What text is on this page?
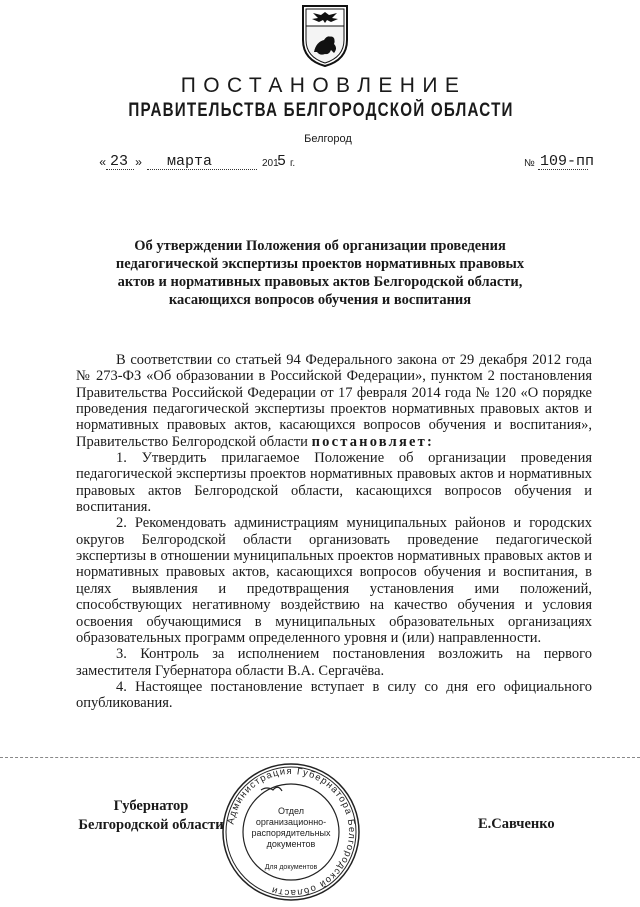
ПОСТАНОВЛЕНИЕ
ПРАВИТЕЛЬСТВА БЕЛГОРОДСКОЙ ОБЛАСТИ
Белгород
« 23 » марта	201
5 г.	№ 109-пп
Об утверждении Положения об организации проведения
педагогической экспертизы проектов нормативных правовых
актов и нормативных правовых актов Белгородской области,
касающихся вопросов обучения и воспитания

В соответствии со статьей 94 Федерального закона от 29 декабря 2012 года № 273-ФЗ «Об образовании в Российской Федерации», пунктом 2 постановления Правительства Российской Федерации от 17 февраля 2014 года № 120 «О порядке проведения педагогической экспертизы проектов нормативных правовых актов и нормативных правовых актов, касающихся вопросов обучения и воспитания», Правительство Белгородской области постановляет:

1. Утвердить прилагаемое Положение об организации проведения педагогической экспертизы проектов нормативных правовых актов и нормативных правовых актов Белгородской области, касающихся вопросов обучения и воспитания.

2. Рекомендовать администрациям муниципальных районов и городских округов Белгородской области организовать проведение педагогической экспертизы в отношении муниципальных проектов нормативных правовых актов и нормативных правовых актов, касающихся вопросов обучения и воспитания, в целях выявления и предотвращения установления ими положений, способствующих негативному воздействию на качество обучения и условия освоения обучающимися в муниципальных образовательных организациях образовательных программ определенного уровня и (или) направленности.

3. Контроль за исполнением постановления возложить на первого заместителя Губернатора области В.А. Сергачёва.

4. Настоящее постановление вступает в силу со дня его официального опубликования.

Губернатор
Белгородской области	Е.Савченко
Администрация Губернатора Белгородской области
Отдел
организационно-
распорядительных
документов
Для документов
